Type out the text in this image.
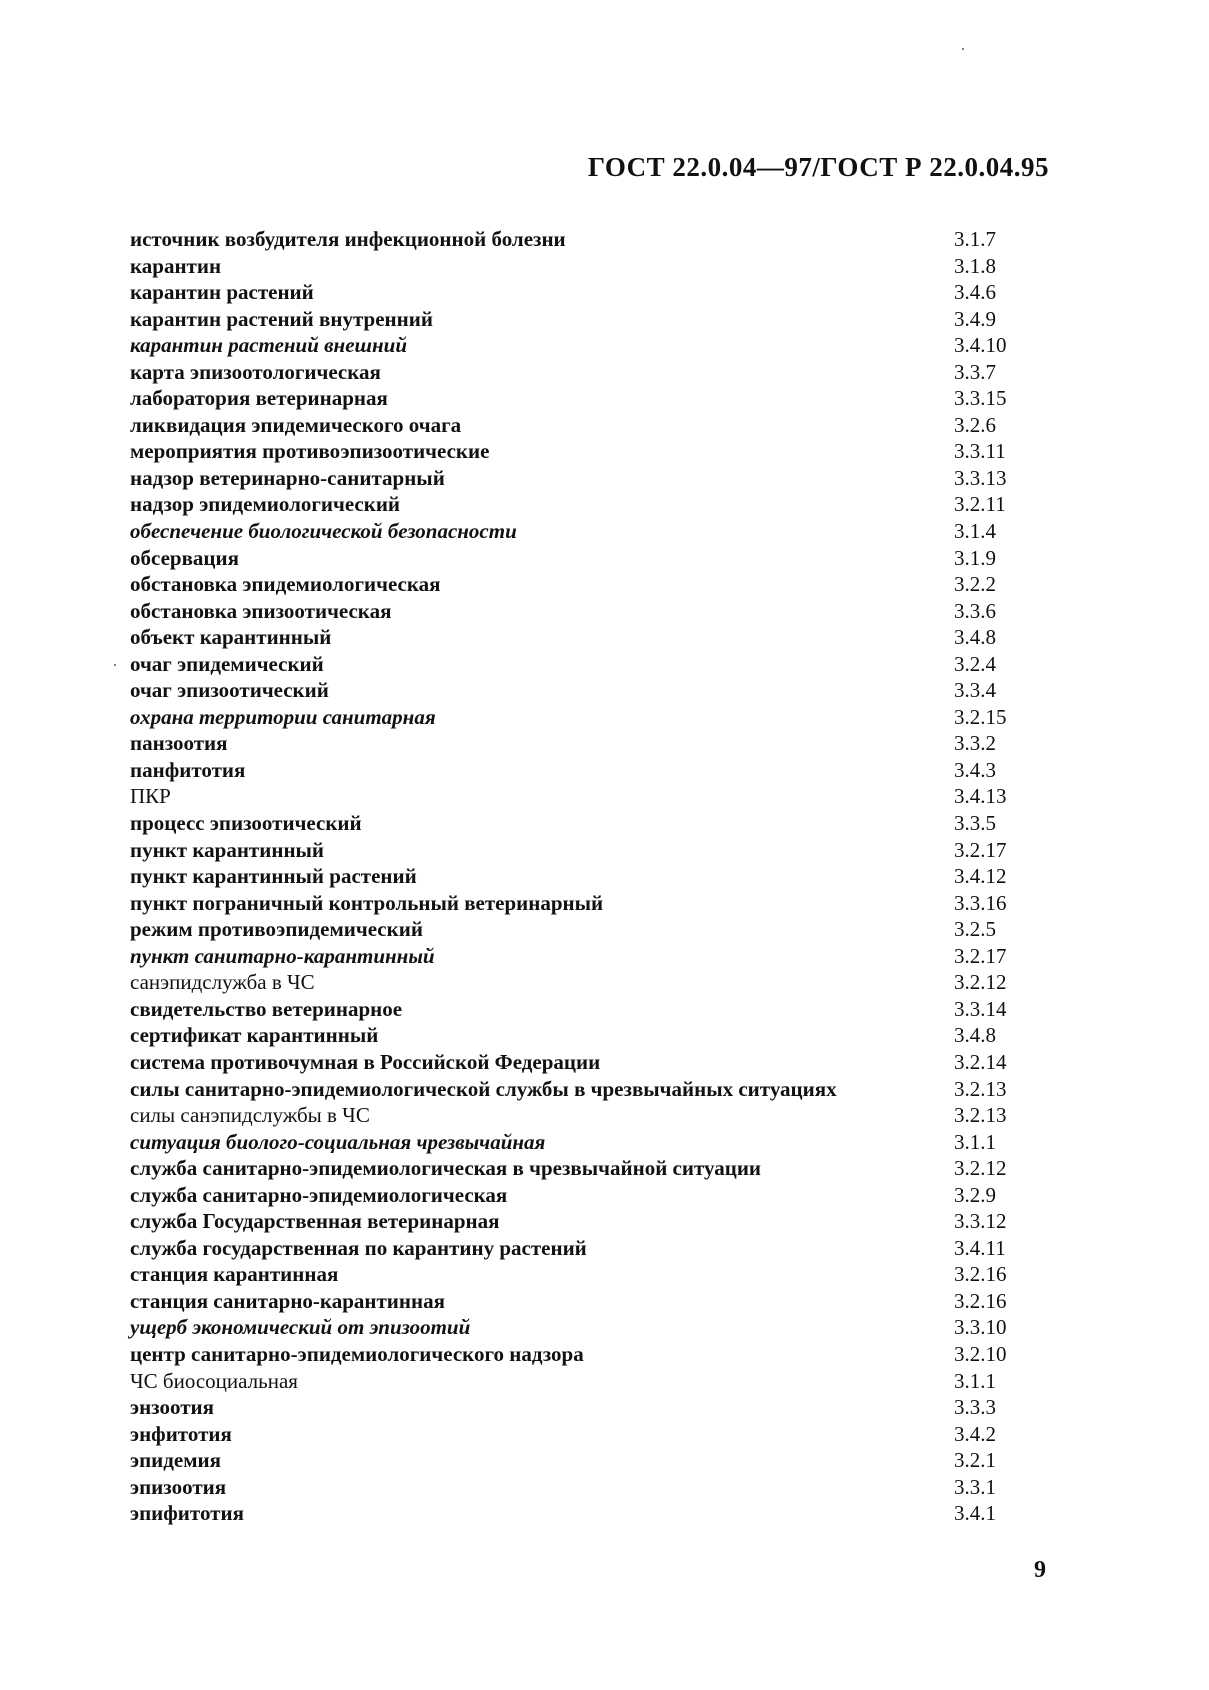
ГОСТ 22.0.04—97/ГОСТ Р 22.0.04.95
источник возбудителя инфекционной болезни	3.1.7
карантин	3.1.8
карантин растений	3.4.6
карантин растений внутренний	3.4.9
карантин растений внешний	3.4.10
карта эпизоотологическая	3.3.7
лаборатория ветеринарная	3.3.15
ликвидация эпидемического очага	3.2.6
мероприятия противоэпизоотические	3.3.11
надзор ветеринарно-санитарный	3.3.13
надзор эпидемиологический	3.2.11
обеспечение биологической безопасности	3.1.4
обсервация	3.1.9
обстановка эпидемиологическая	3.2.2
обстановка эпизоотическая	3.3.6
объект карантинный	3.4.8
очаг эпидемический	3.2.4
очаг эпизоотический	3.3.4
охрана территории санитарная	3.2.15
панзоотия	3.3.2
панфитотия	3.4.3
ПКР	3.4.13
процесс эпизоотический	3.3.5
пункт карантинный	3.2.17
пункт карантинный растений	3.4.12
пункт пограничный контрольный ветеринарный	3.3.16
режим противоэпидемический	3.2.5
пункт санитарно-карантинный	3.2.17
санэпидслужба в ЧС	3.2.12
свидетельство ветеринарное	3.3.14
сертификат карантинный	3.4.8
система противочумная в Российской Федерации	3.2.14
силы санитарно-эпидемиологической службы в чрезвычайных ситуациях	3.2.13
силы санэпидслужбы в ЧС	3.2.13
ситуация биолого-социальная чрезвычайная	3.1.1
служба санитарно-эпидемиологическая в чрезвычайной ситуации	3.2.12
служба санитарно-эпидемиологическая	3.2.9
служба Государственная ветеринарная	3.3.12
служба государственная по карантину растений	3.4.11
станция карантинная	3.2.16
станция санитарно-карантинная	3.2.16
ущерб экономический от эпизоотий	3.3.10
центр санитарно-эпидемиологического надзора	3.2.10
ЧС биосоциальная	3.1.1
энзоотия	3.3.3
энфитотия	3.4.2
эпидемия	3.2.1
эпизоотия	3.3.1
эпифитотия	3.4.1
9
